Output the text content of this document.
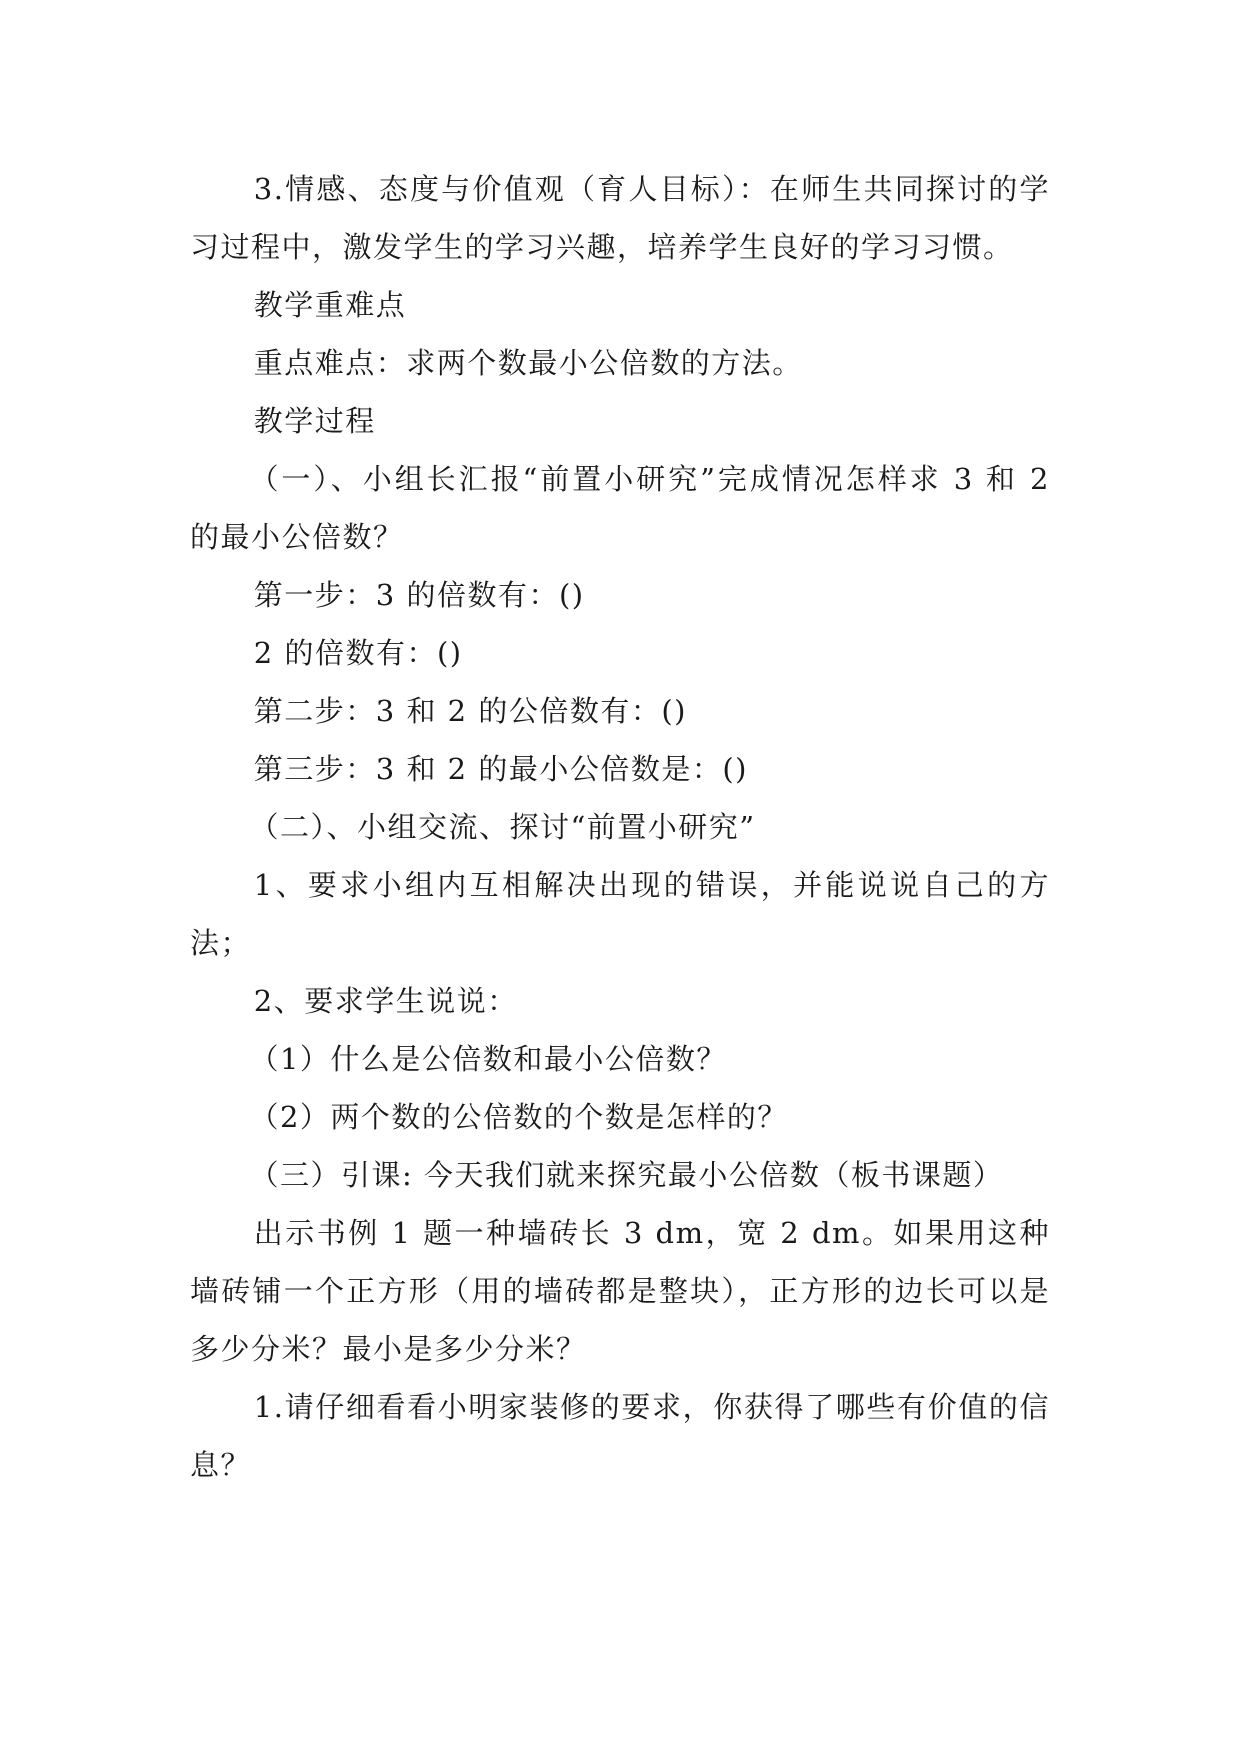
3.情感、态度与价值观（育人目标）：在师生共同探讨的学习过程中，激发学生的学习兴趣，培养学生良好的学习习惯。

教学重难点

重点难点：求两个数最小公倍数的方法。

教学过程

（一）、小组长汇报“前置小研究”完成情况怎样求 3 和 2 的最小公倍数？

第一步：3 的倍数有：()

2 的倍数有：()

第二步：3 和 2 的公倍数有：()

第三步：3 和 2 的最小公倍数是：()

（二）、小组交流、探讨“前置小研究”

1、要求小组内互相解决出现的错误，并能说说自己的方法；

2、要求学生说说：

（1）什么是公倍数和最小公倍数？

（2）两个数的公倍数的个数是怎样的？

（三）引课: 今天我们就来探究最小公倍数（板书课题）

出示书例 1 题一种墙砖长 3 dm，宽 2 dm。如果用这种墙砖铺一个正方形（用的墙砖都是整块），正方形的边长可以是多少分米？最小是多少分米？

1.请仔细看看小明家装修的要求，你获得了哪些有价值的信息？
